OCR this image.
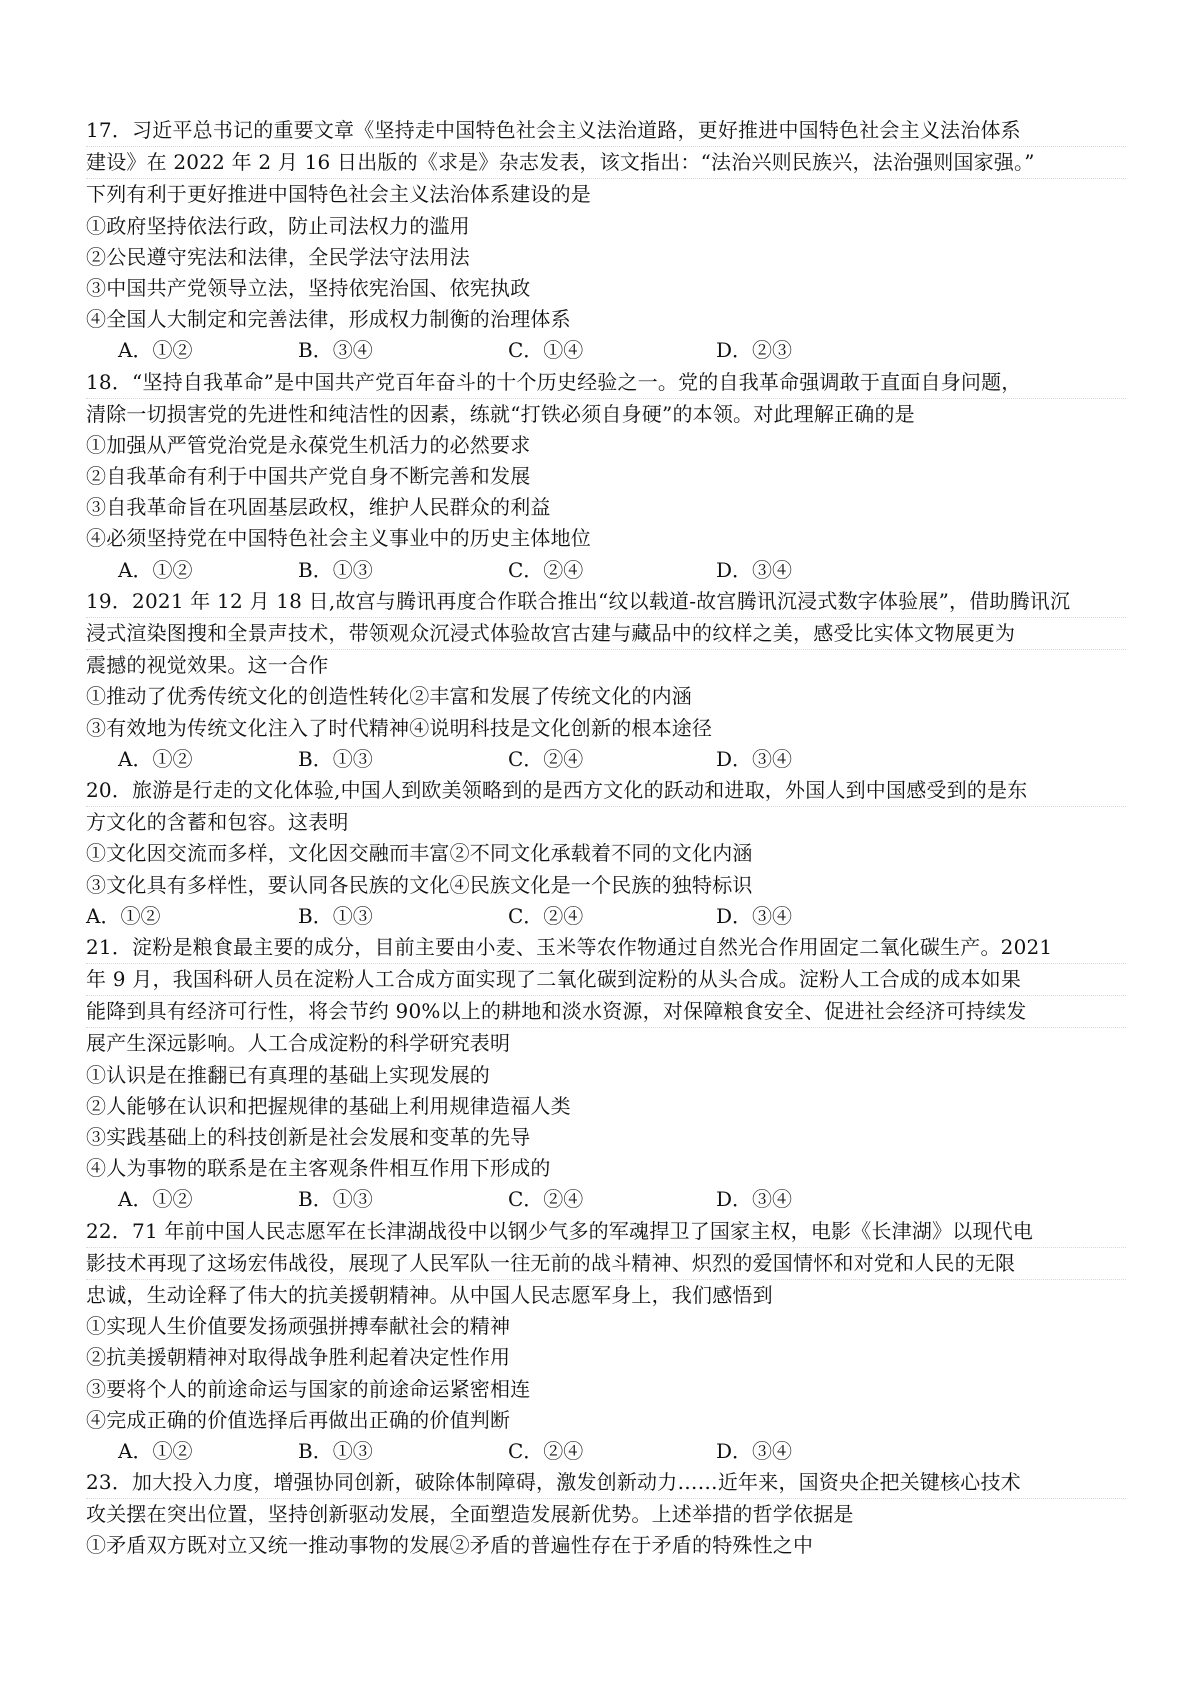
17．习近平总书记的重要文章《坚持走中国特色社会主义法治道路，更好推进中国特色社会主义法治体系
建设》在 2022 年 2 月 16 日出版的《求是》杂志发表，该文指出：“法治兴则民族兴，法治强则国家强。”
下列有利于更好推进中国特色社会主义法治体系建设的是
①政府坚持依法行政，防止司法权力的滥用
②公民遵守宪法和法律，全民学法守法用法
③中国共产党领导立法，坚持依宪治国、依宪执政
④全国人大制定和完善法律，形成权力制衡的治理体系
A．①②	B．③④	C．①④	D．②③
18．“坚持自我革命”是中国共产党百年奋斗的十个历史经验之一。党的自我革命强调敢于直面自身问题，
清除一切损害党的先进性和纯洁性的因素，练就“打铁必须自身硬”的本领。对此理解正确的是
①加强从严管党治党是永葆党生机活力的必然要求
②自我革命有利于中国共产党自身不断完善和发展
③自我革命旨在巩固基层政权，维护人民群众的利益
④必须坚持党在中国特色社会主义事业中的历史主体地位
A．①②	B．①③	C．②④	D．③④
19．2021 年 12 月 18 日,故宫与腾讯再度合作联合推出“纹以载道-故宫腾讯沉浸式数字体验展”，借助腾讯沉
浸式渲染图搜和全景声技术，带领观众沉浸式体验故宫古建与藏品中的纹样之美，感受比实体文物展更为
震撼的视觉效果。这一合作
①推动了优秀传统文化的创造性转化②丰富和发展了传统文化的内涵
③有效地为传统文化注入了时代精神④说明科技是文化创新的根本途径
A．①②	B．①③	C．②④	D．③④
20．旅游是行走的文化体验,中国人到欧美领略到的是西方文化的跃动和进取，外国人到中国感受到的是东
方文化的含蓄和包容。这表明
①文化因交流而多样，文化因交融而丰富②不同文化承载着不同的文化内涵
③文化具有多样性，要认同各民族的文化④民族文化是一个民族的独特标识
A．①②	B．①③	C．②④	D．③④
21．淀粉是粮食最主要的成分，目前主要由小麦、玉米等农作物通过自然光合作用固定二氧化碳生产。2021
年 9 月，我国科研人员在淀粉人工合成方面实现了二氧化碳到淀粉的从头合成。淀粉人工合成的成本如果
能降到具有经济可行性，将会节约 90%以上的耕地和淡水资源，对保障粮食安全、促进社会经济可持续发
展产生深远影响。人工合成淀粉的科学研究表明
①认识是在推翻已有真理的基础上实现发展的
②人能够在认识和把握规律的基础上利用规律造福人类
③实践基础上的科技创新是社会发展和变革的先导
④人为事物的联系是在主客观条件相互作用下形成的
A．①②	B．①③	C．②④	D．③④
22．71 年前中国人民志愿军在长津湖战役中以钢少气多的军魂捍卫了国家主权，电影《长津湖》以现代电
影技术再现了这场宏伟战役，展现了人民军队一往无前的战斗精神、炽烈的爱国情怀和对党和人民的无限
忠诚，生动诠释了伟大的抗美援朝精神。从中国人民志愿军身上，我们感悟到
①实现人生价值要发扬顽强拼搏奉献社会的精神
②抗美援朝精神对取得战争胜利起着决定性作用
③要将个人的前途命运与国家的前途命运紧密相连
④完成正确的价值选择后再做出正确的价值判断
A．①②	B．①③	C．②④	D．③④
23．加大投入力度，增强协同创新，破除体制障碍，激发创新动力……近年来，国资央企把关键核心技术
攻关摆在突出位置，坚持创新驱动发展，全面塑造发展新优势。上述举措的哲学依据是
①矛盾双方既对立又统一推动事物的发展②矛盾的普遍性存在于矛盾的特殊性之中
